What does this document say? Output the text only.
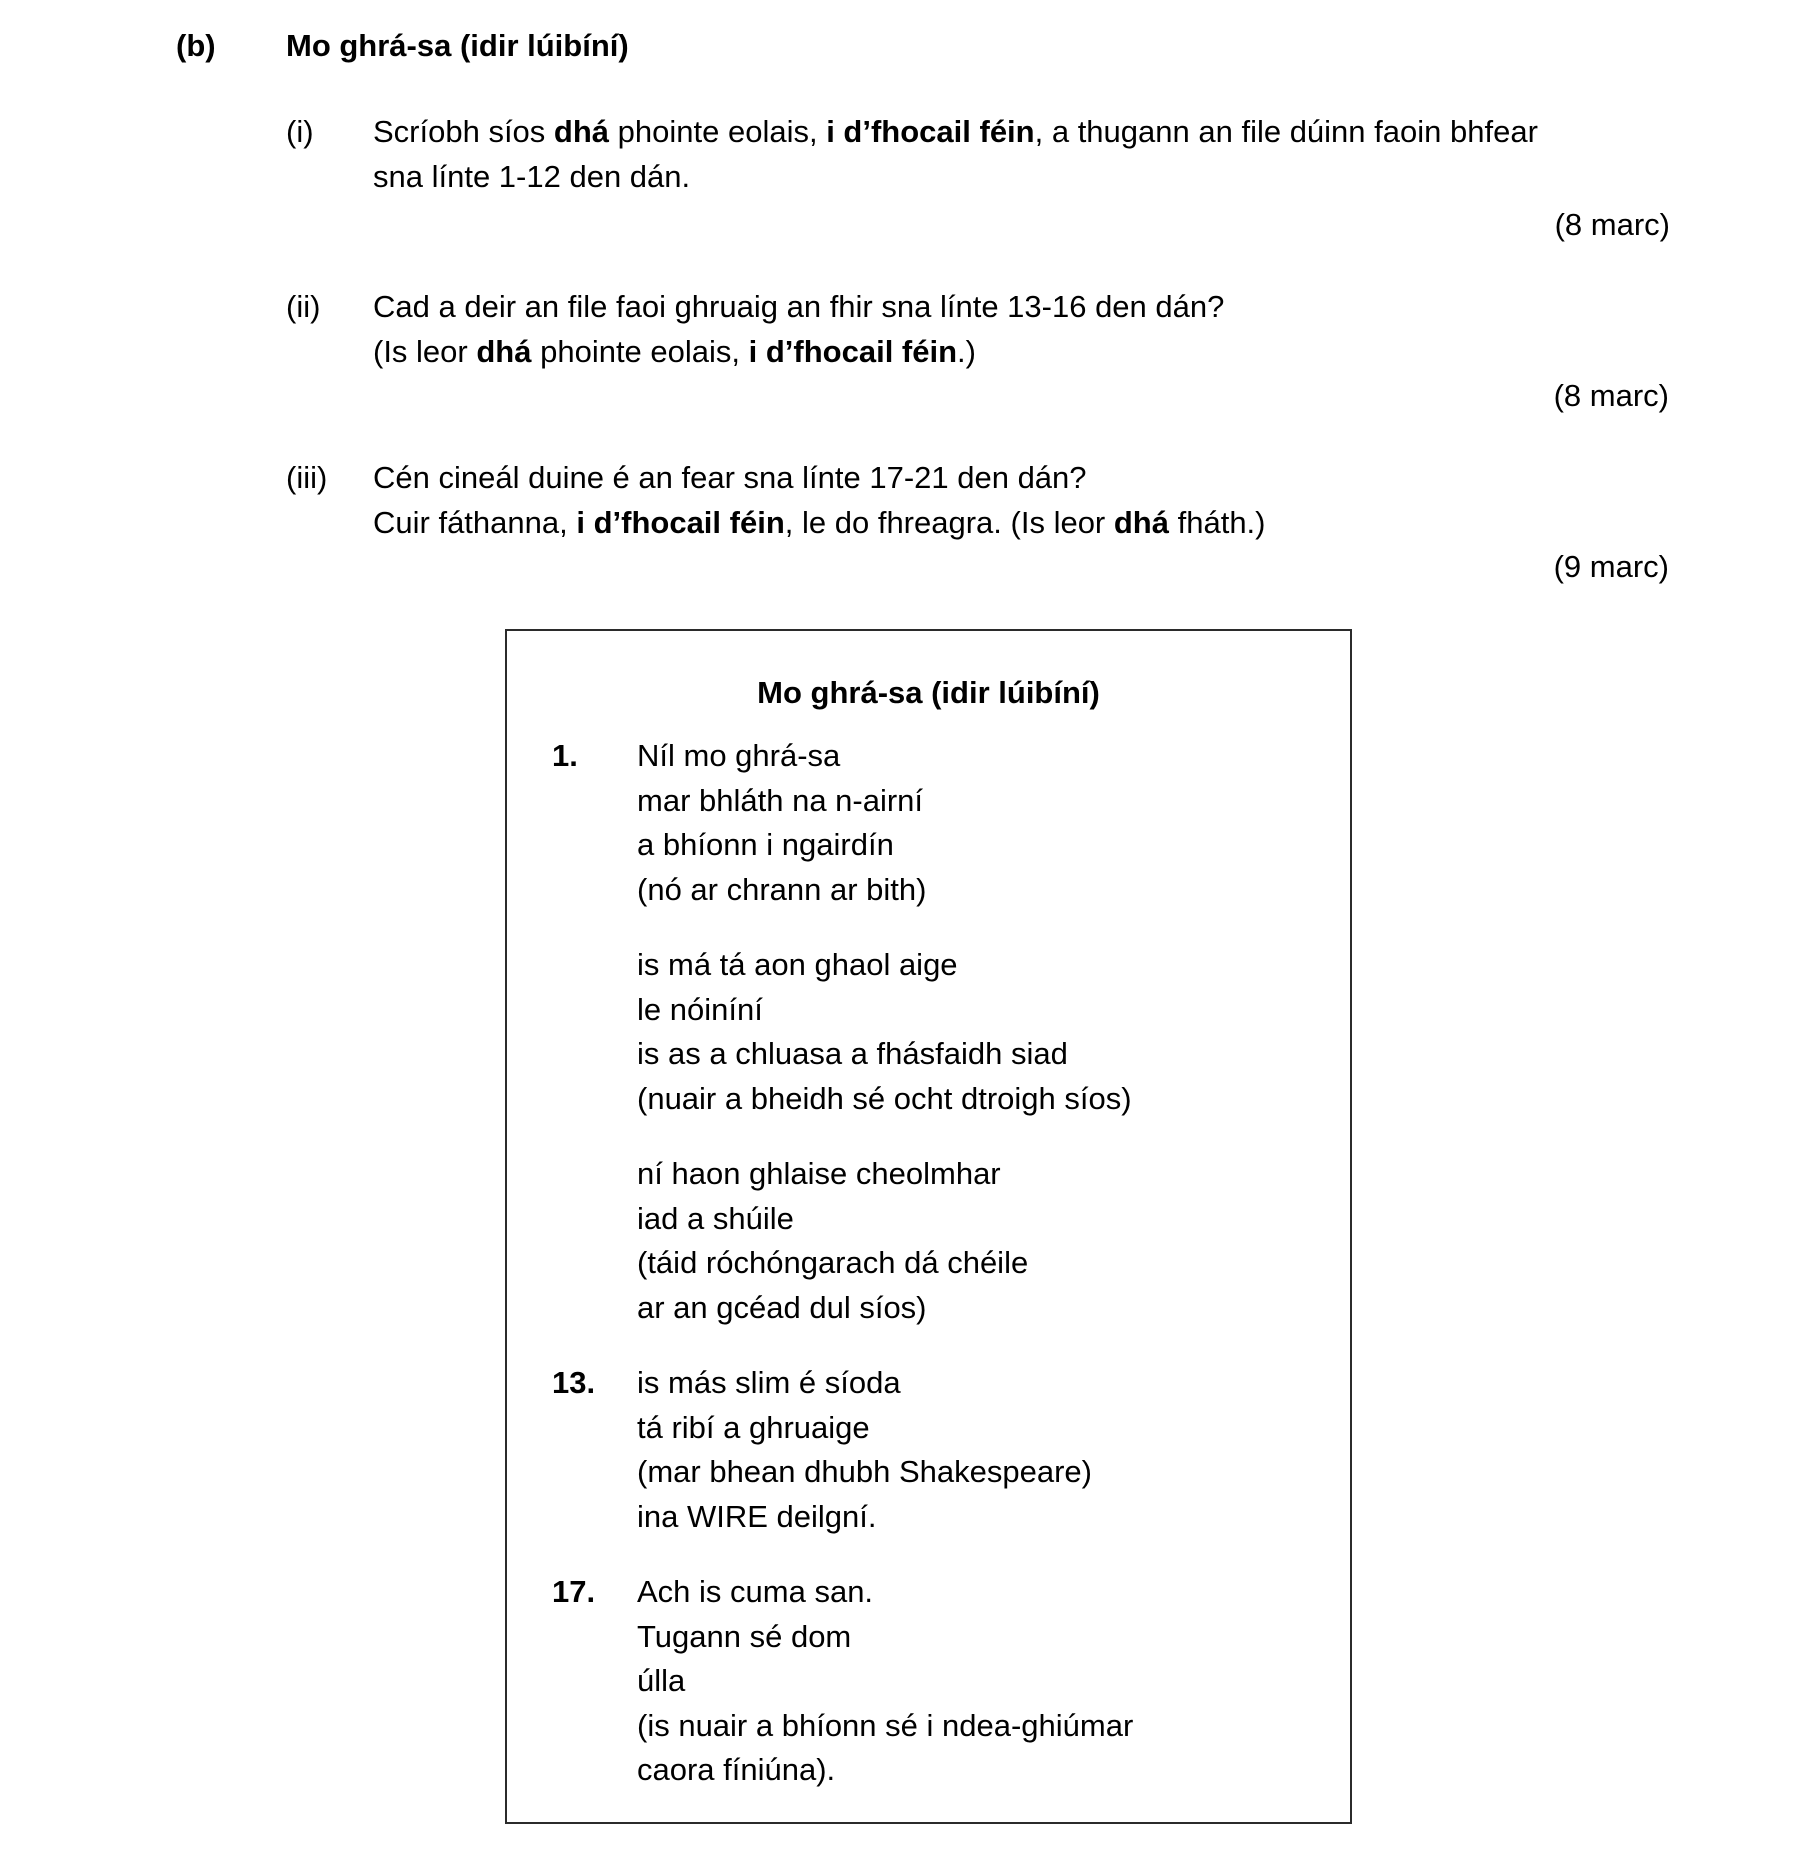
(b) Mo ghrá-sa (idir lúibíní)
(i) Scríobh síos dhá phointe eolais, i d’fhocail féin, a thugann an file dúinn faoin bhfear
sna línte 1-12 den dán.
(8 marc)
(ii) Cad a deir an file faoi ghruaig an fhir sna línte 13-16 den dán?
(Is leor dhá phointe eolais, i d’fhocail féin.)
(8 marc)
(iii) Cén cineál duine é an fear sna línte 17-21 den dán?
Cuir fáthanna, i d’fhocail féin, le do fhreagra. (Is leor dhá fháth.)
(9 marc)
Mo ghrá-sa (idir lúibíní)
1. Níl mo ghrá-sa
mar bhláth na n-airní
a bhíonn i ngairdín
(nó ar chrann ar bith)
is má tá aon ghaol aige
le nóiníní
is as a chluasa a fhásfaidh siad
(nuair a bheidh sé ocht dtroigh síos)
ní haon ghlaise cheolmhar
iad a shúile
(táid róchóngarach dá chéile
ar an gcéad dul síos)
13. is más slim é síoda
tá ribí a ghruaige
(mar bhean dhubh Shakespeare)
ina WIRE deilgní.
17. Ach is cuma san.
Tugann sé dom
úlla
(is nuair a bhíonn sé i ndea-ghiúmar
caora fíniúna).
